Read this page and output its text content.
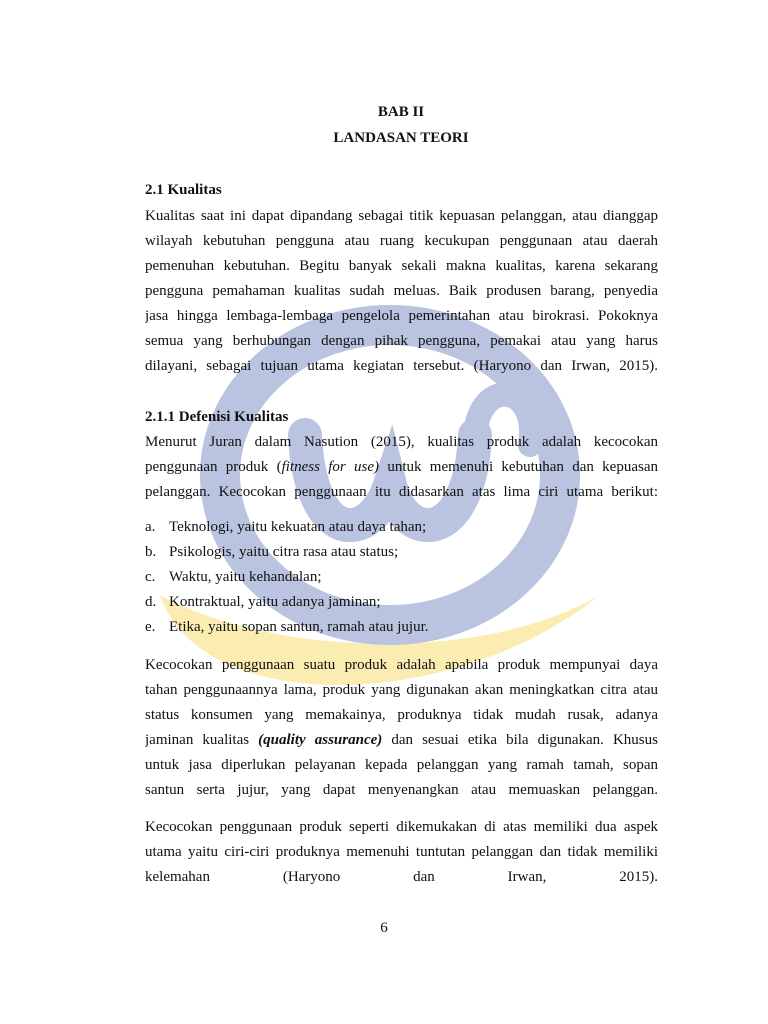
BAB II
LANDASAN TEORI
2.1 Kualitas
Kualitas saat ini dapat dipandang sebagai titik kepuasan pelanggan, atau dianggap
wilayah kebutuhan pengguna atau ruang kecukupan penggunaan atau daerah
pemenuhan kebutuhan. Begitu banyak sekali makna kualitas, karena sekarang
pengguna pemahaman kualitas sudah meluas. Baik produsen barang, penyedia
jasa hingga lembaga-lembaga pengelola pemerintahan atau birokrasi. Pokoknya
semua yang berhubungan dengan pihak pengguna, pemakai atau yang harus
dilayani, sebagai tujuan utama kegiatan tersebut. (Haryono dan Irwan, 2015).
2.1.1 Defenisi Kualitas
Menurut Juran dalam Nasution (2015), kualitas produk adalah kecocokan
penggunaan produk (fitness for use) untuk memenuhi kebutuhan dan kepuasan
pelanggan. Kecocokan penggunaan itu didasarkan atas lima ciri utama berikut:
a. Teknologi, yaitu kekuatan atau daya tahan;
b. Psikologis, yaitu citra rasa atau status;
c. Waktu, yaitu kehandalan;
d. Kontraktual, yaitu adanya jaminan;
e. Etika, yaitu sopan santun, ramah atau jujur.
Kecocokan penggunaan suatu produk adalah apabila produk mempunyai daya
tahan penggunaannya lama, produk yang digunakan akan meningkatkan citra atau
status konsumen yang memakainya, produknya tidak mudah rusak, adanya
jaminan kualitas (quality assurance) dan sesuai etika bila digunakan. Khusus
untuk jasa diperlukan pelayanan kepada pelanggan yang ramah tamah, sopan
santun serta jujur, yang dapat menyenangkan atau memuaskan pelanggan.
Kecocokan penggunaan produk seperti dikemukakan di atas memiliki dua aspek
utama yaitu ciri-ciri produknya memenuhi tuntutan pelanggan dan tidak memiliki
kelemahan (Haryono dan Irwan, 2015).
6
